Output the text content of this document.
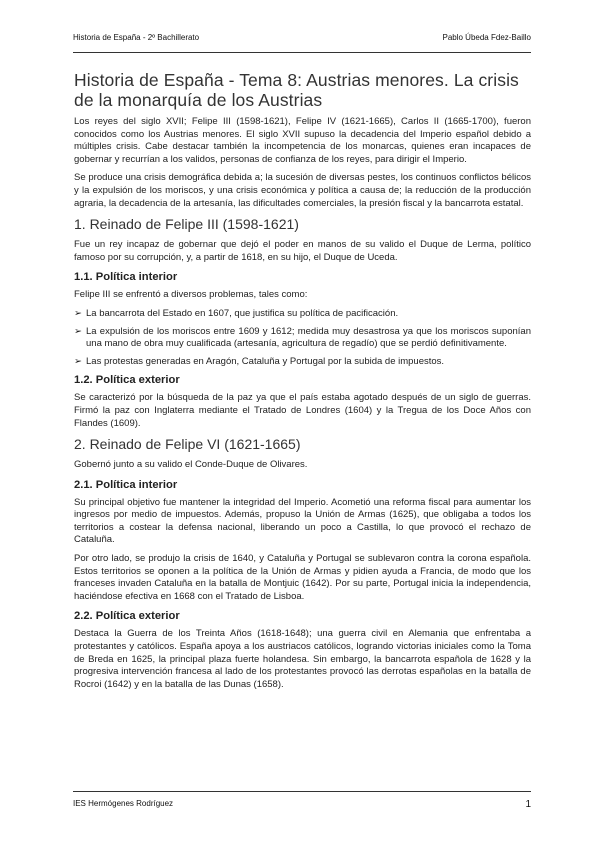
Historia de España - 2º Bachillerato	Pablo Úbeda Fdez-Baillo
Historia de España - Tema 8: Austrias menores. La crisis de la monarquía de los Austrias

Los reyes del siglo XVII; Felipe III (1598-1621), Felipe IV (1621-1665), Carlos II (1665-1700), fueron conocidos como los Austrias menores. El siglo XVII supuso la decadencia del Imperio español debido a múltiples crisis. Cabe destacar también la incompetencia de los monarcas, quienes eran incapaces de gobernar y recurrían a los validos, personas de confianza de los reyes, para dirigir el Imperio.

Se produce una crisis demográfica debida a; la sucesión de diversas pestes, los continuos conflictos bélicos y la expulsión de los moriscos, y una crisis económica y política a causa de; la reducción de la producción agraria, la decadencia de la artesanía, las dificultades comerciales, la presión fiscal y la bancarrota estatal.

1. Reinado de Felipe III (1598-1621)

Fue un rey incapaz de gobernar que dejó el poder en manos de su valido el Duque de Lerma, político famoso por su corrupción, y, a partir de 1618, en su hijo, el Duque de Uceda.

1.1. Política interior

Felipe III se enfrentó a diversos problemas, tales como:

➢ La bancarrota del Estado en 1607, que justifica su política de pacificación.
➢ La expulsión de los moriscos entre 1609 y 1612; medida muy desastrosa ya que los moriscos suponían una mano de obra muy cualificada (artesanía, agricultura de regadío) que se perdió definitivamente.
➢ Las protestas generadas en Aragón, Cataluña y Portugal por la subida de impuestos.
1.2. Política exterior

Se caracterizó por la búsqueda de la paz ya que el país estaba agotado después de un siglo de guerras. Firmó la paz con Inglaterra mediante el Tratado de Londres (1604) y la Tregua de los Doce Años con Flandes (1609).

2. Reinado de Felipe VI (1621-1665)

Gobernó junto a su valido el Conde-Duque de Olivares.

2.1. Política interior

Su principal objetivo fue mantener la integridad del Imperio. Acometió una reforma fiscal para aumentar los ingresos por medio de impuestos. Además, propuso la Unión de Armas (1625), que obligaba a todos los territorios a costear la defensa nacional, liberando un poco a Castilla, lo que provocó el rechazo de Cataluña.

Por otro lado, se produjo la crisis de 1640, y Cataluña y Portugal se sublevaron contra la corona española. Estos territorios se oponen a la política de la Unión de Armas y pidien ayuda a Francia, de modo que los franceses invaden Cataluña en la batalla de Montjuic (1642). Por su parte, Portugal inicia la independencia, haciéndose efectiva en 1668 con el Tratado de Lisboa.

2.2. Política exterior

Destaca la Guerra de los Treinta Años (1618-1648); una guerra civil en Alemania que enfrentaba a protestantes y católicos. España apoya a los austriacos católicos, logrando victorias iniciales como la Toma de Breda en 1625, la principal plaza fuerte holandesa. Sin embargo, la bancarrota española de 1628 y la progresiva intervención francesa al lado de los protestantes provocó las derrotas españolas en la batalla de Rocroi (1642) y en la batalla de las Dunas (1658).

IES Hermógenes Rodríguez	1
